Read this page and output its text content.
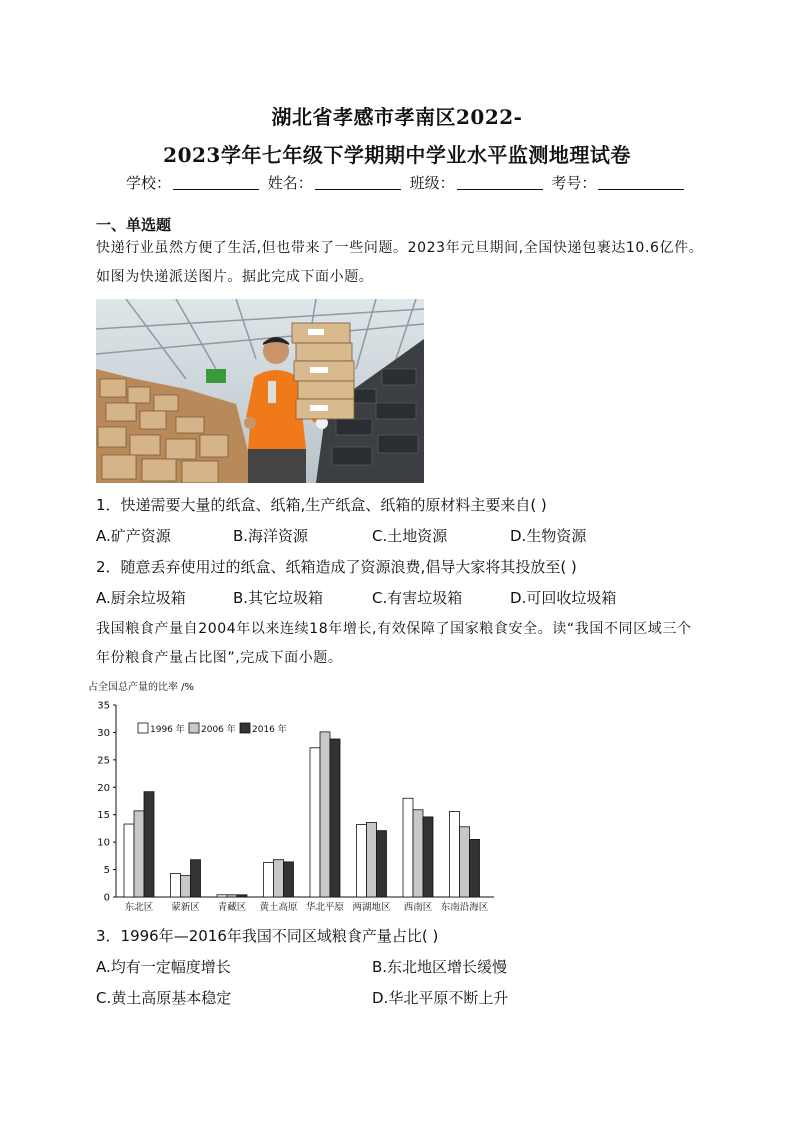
湖北省孝感市孝南区2022-
2023学年七年级下学期期中学业水平监测地理试卷
学校：	姓名：	班级：	考号：
一、单选题
快递行业虽然方便了生活,但也带来了一些问题。2023年元旦期间,全国快递包裹达10.6亿件。如图为快递派送图片。据此完成下面小题。
1．快递需要大量的纸盒、纸箱,生产纸盒、纸箱的原材料主要来自( )
A.矿产资源	B.海洋资源	C.土地资源	D.生物资源
2．随意丢弃使用过的纸盒、纸箱造成了资源浪费,倡导大家将其投放至( )
A.厨余垃圾箱	B.其它垃圾箱	C.有害垃圾箱	D.可回收垃圾箱
我国粮食产量自2004年以来连续18年增长,有效保障了国家粮食安全。读“我国不同区域三个年份粮食产量占比图”,完成下面小题。
占全国总产量的比率 /%
0
5
10
15
20
25
30
35
东北区 蒙新区 青藏区 黄土高原 华北平原 两湖地区 西南区 东南沿海区
1996 年 2006 年 2016 年
3．1996年—2016年我国不同区域粮食产量占比( )
A.均有一定幅度增长	B.东北地区增长缓慢
C.黄土高原基本稳定	D.华北平原不断上升
